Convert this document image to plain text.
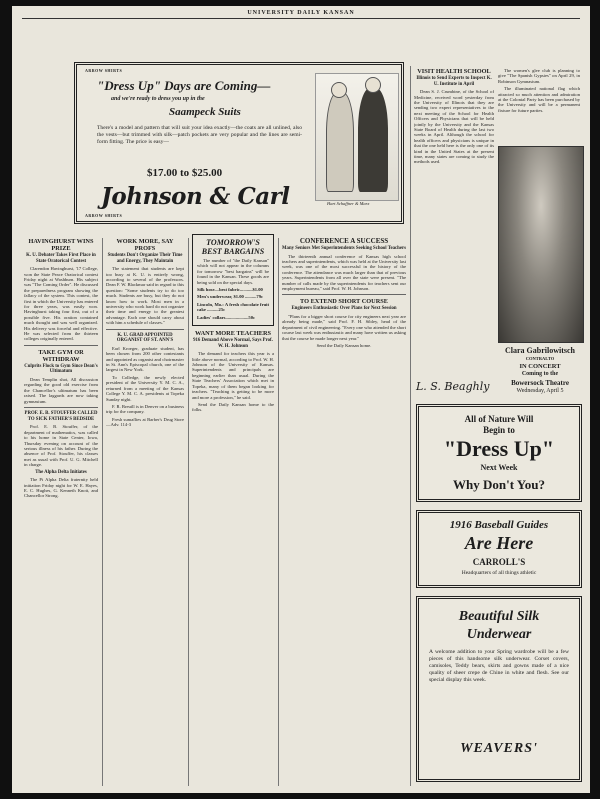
UNIVERSITY DAILY KANSAN
ARROW SHIRTS
"Dress Up" Days are Coming—
and we're ready to dress you up in the
Saampeck Suits
There's a model and pattern that will suit your idea exactly—the coats are all unlined, also the vests—but trimmed with silk—patch pockets are very popular and the lines are semi-form fitting. The price is easy—
$17.00 to $25.00
Johnson & Carl	Hart Schaffner & Marx
ARROW SHIRTS
HAVINGHURST WINS PRIZE
K. U. Debater Takes First Place in State Oratorical Contest

Clarendon Havinghurst, '17 College, won the State Peace Oratorical contest Friday night at Washburn. His subject was "The Coming Order". He discussed the preparedness program showing the fallacy of the system. This contest, the first in which the University has entered for three years, was easily won. Havinghurst taking four first, out of a possible five. His oration contained much thought and was well organized. His delivery was forceful and effective. He was selected from the thirteen colleges originally entered.

TAKE GYM OR WITHDRAW
Culprits Flock to Gym Since Dean's Ultimatum

Dean Templin shot, All discussion regarding the good old exercise from the Chancellor's ultimatum has been raised. The laggards are now taking gymnasium.

PROF. E. B. STOUFFER CALLED TO SICK FATHER'S BEDSIDE

Prof. E. B. Stouffer, of the department of mathematics, was called to his home in State Center, Iowa, Thursday evening on account of the serious illness of his father. During the absence of Prof. Stouffer, his classes met as usual with Prof. U. G. Mitchell in charge.

The Alpha Delta Initiates

The Pi Alpha Delta fraternity held initiation Friday night for W. E. Hayes, E. C. Hughes, G. Kenneth Knott, and Chancellor Strong.

WORK MORE, SAY PROFS
Students Don't Organize Their Time and Energy, They Maintain

The statement that students are kept too busy at K. U. is entirely wrong, according to several of the professors. Dean F. W. Blackmar said in regard to this question: "Some students try to do too much. Students are busy, but they do not know how to work. Most men in a university who work hard do not organize their time and energy to the greatest advantage. Each one should carry about with him a schedule of classes."

K. U. GRAD APPOINTED ORGANIST OF ST. ANN'S

Earl Kroeger, graduate student, has been chosen from 200 other contestants and appointed as organist and choirmaster in St. Ann's Episcopal church, one of the largest in New York.

To Colledge, the newly elected president of the University Y. M. C. A., returned from a meeting of the Kansas College Y. M. C. A. presidents at Topeka Sunday night.

F. R. Breuill is in Denver on a business trip for the company.

Fresh sumaflies at Barber's Drug Store—Adv. 114-3

TOMORROW'S BEST BARGAINS

The number of "the Daily Kansan" which will not appear in the columns for tomorrow "best bargains" will be found in the Kansan. These goods are being sold on the special days.

Silk hose—best fabric...........$1.00
Men's underwear, $1.00 ..........79c
Lincoln, Mo.: A fresh chocolate fruit cake ..........25c
Ladies' collars....................50c
WANT MORE TEACHERS
916 Demand Above Normal, Says Prof. W. H. Johnson

The demand for teachers this year is a little above normal, according to Prof. W. H. Johnson of the University of Kansas. Superintendents and principals are beginning earlier than usual. During the State Teachers' Association which met in Topeka, many of them began looking for teachers. "Teaching is getting to be more and more a profession," he said.

Send the Daily Kansan home to the folks.

CONFERENCE A SUCCESS
Many Seniors Met Superintendents Seeking School Teachers

The thirteenth annual conference of Kansas high school teachers and superintendents, which was held at the University last week, was one of the most successful in the history of the conference. The attendance was much larger than that of previous years. Superintendents from all over the state were present. "The number of calls made by the superintendents for teachers sent our employment bureau," said Prof. W. H. Johnson.

TO EXTEND SHORT COURSE
Engineers Enthusiastic Over Plans for Next Session

"Plans for a bigger short course for city engineers next year are already being made," said Prof. F. H. Sibley, head of the department of civil engineering. "Every one who attended the short course last week was enthusiastic and many have written us asking that the course be made longer next year."

Send the Daily Kansan home.

VISIT HEALTH SCHOOL
Illinois to Send Experts to Inspect K. U. Institute in April

Dean S. J. Crumbine, of the School of Medicine, received word yesterday from the University of Illinois that they are sending two expert representatives to the next meeting of the School for Health Officers and Physicians that will be held jointly by the University and the Kansas State Board of Health during the last two weeks in April. Although the school for health officers and physicians is unique in that the one held here is the only one of its kind in the United States at the present time, many states are coming to study the methods used.

L. S. Beaghly

The women's glee club is planning to give "The Spanish Gypsies" on April 29, in Robinson Gymnasium.

The illuminated national flag which attracted so much attention and admiration at the Colonial Party has been purchased by the University and will be a permanent fixture for future parties.

Clara Gabrilowitsch
CONTRALTO
IN CONCERT
Coming to the
Bowersock Theatre
Wednesday, April 5
All of Nature Will
Begin to
"Dress Up"
Next Week
Why Don't You?
1916 Baseball Guides
Are Here
CARROLL'S
Headquarters of all things athletic
Beautiful Silk
Underwear
A welcome addition to your Spring wardrobe will be a few pieces of this handsome silk underwear. Corset covers, camisoles, Teddy bears, skirts and gowns made of a nice quality of sheer crepe de Chine in white and flesh. See our special display this week.
WEAVERS'
